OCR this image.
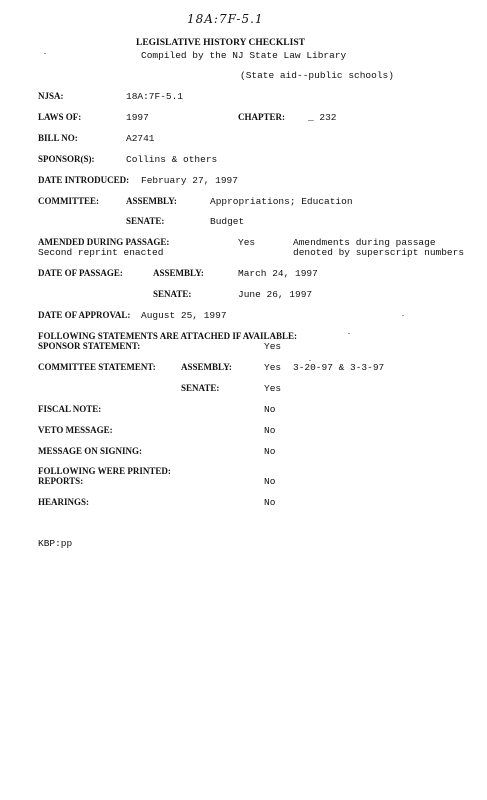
18A:7F-5.1
LEGISLATIVE HISTORY CHECKLIST
Compiled by the NJ State Law Library
(State aid--public schools)
NJSA:	18A:7F-5.1
LAWS OF:	1997	CHAPTER: _ 232
BILL NO:	A2741
SPONSOR(S):	Collins & others
DATE INTRODUCED: February 27, 1997
COMMITTEE:	ASSEMBLY:	Appropriations; Education
SENATE:	Budget
AMENDED DURING PASSAGE:
Second reprint enacted
Yes	Amendments during passage
denoted by superscript numbers
DATE OF PASSAGE:	ASSEMBLY:	March 24, 1997
SENATE:	June 26, 1997
DATE OF APPROVAL: August 25, 1997
FOLLOWING STATEMENTS ARE ATTACHED IF AVAILABLE:
SPONSOR STATEMENT:	Yes
COMMITTEE STATEMENT:	ASSEMBLY:	Yes 3-20-97 & 3-3-97
SENATE:	Yes
FISCAL NOTE:	No
VETO MESSAGE:	No
MESSAGE ON SIGNING:	No
FOLLOWING WERE PRINTED:
REPORTS:	No
HEARINGS:	No
KBP:pp
